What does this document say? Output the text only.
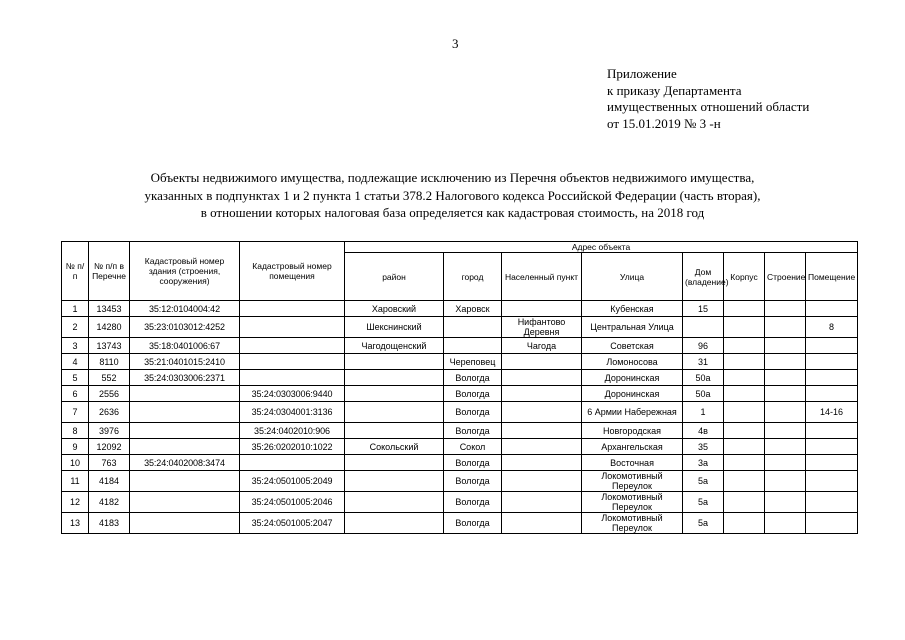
3
Приложение
к приказу Департамента
имущественных отношений области
от 15.01.2019 № 3 -н
Объекты недвижимого имущества, подлежащие исключению из Перечня объектов недвижимого имущества,
указанных в подпунктах 1 и 2 пункта 1 статьи 378.2 Налогового кодекса Российской Федерации (часть вторая),
в отношении которых налоговая база определяется как кадастровая стоимость, на 2018 год
№ п/п	№ п/п в Перечне	Кадастровый номер здания (строения, сооружения)	Кадастровый номер помещения	Адрес объекта							
				район	город	Населенный пункт	Улица	Дом (владение)	Корпус	Строение	Помещение
1	13453	35:12:0104004:42		Харовский	Харовск		Кубенская	15			
2	14280	35:23:0103012:4252		Шекснинский		Нифантово Деревня	Центральная Улица				8
3	13743	35:18:0401006:67		Чагодощенский		Чагода	Советская	96			
4	8110	35:21:0401015:2410			Череповец		Ломоносова	31			
5	552	35:24:0303006:2371			Вологда		Доронинская	50а			
6	2556		35:24:0303006:9440		Вологда		Доронинская	50а			
7	2636		35:24:0304001:3136		Вологда		6 Армии Набережная	1			14-16
8	3976		35:24:0402010:906		Вологда		Новгородская	4в			
9	12092		35:26:0202010:1022	Сокольский	Сокол		Архангельская	35			
10	763	35:24:0402008:3474			Вологда		Восточная	3а			
11	4184		35:24:0501005:2049		Вологда		Локомотивный Переулок	5а			
12	4182		35:24:0501005:2046		Вологда		Локомотивный Переулок	5а			
13	4183		35:24:0501005:2047		Вологда		Локомотивный Переулок	5а			
